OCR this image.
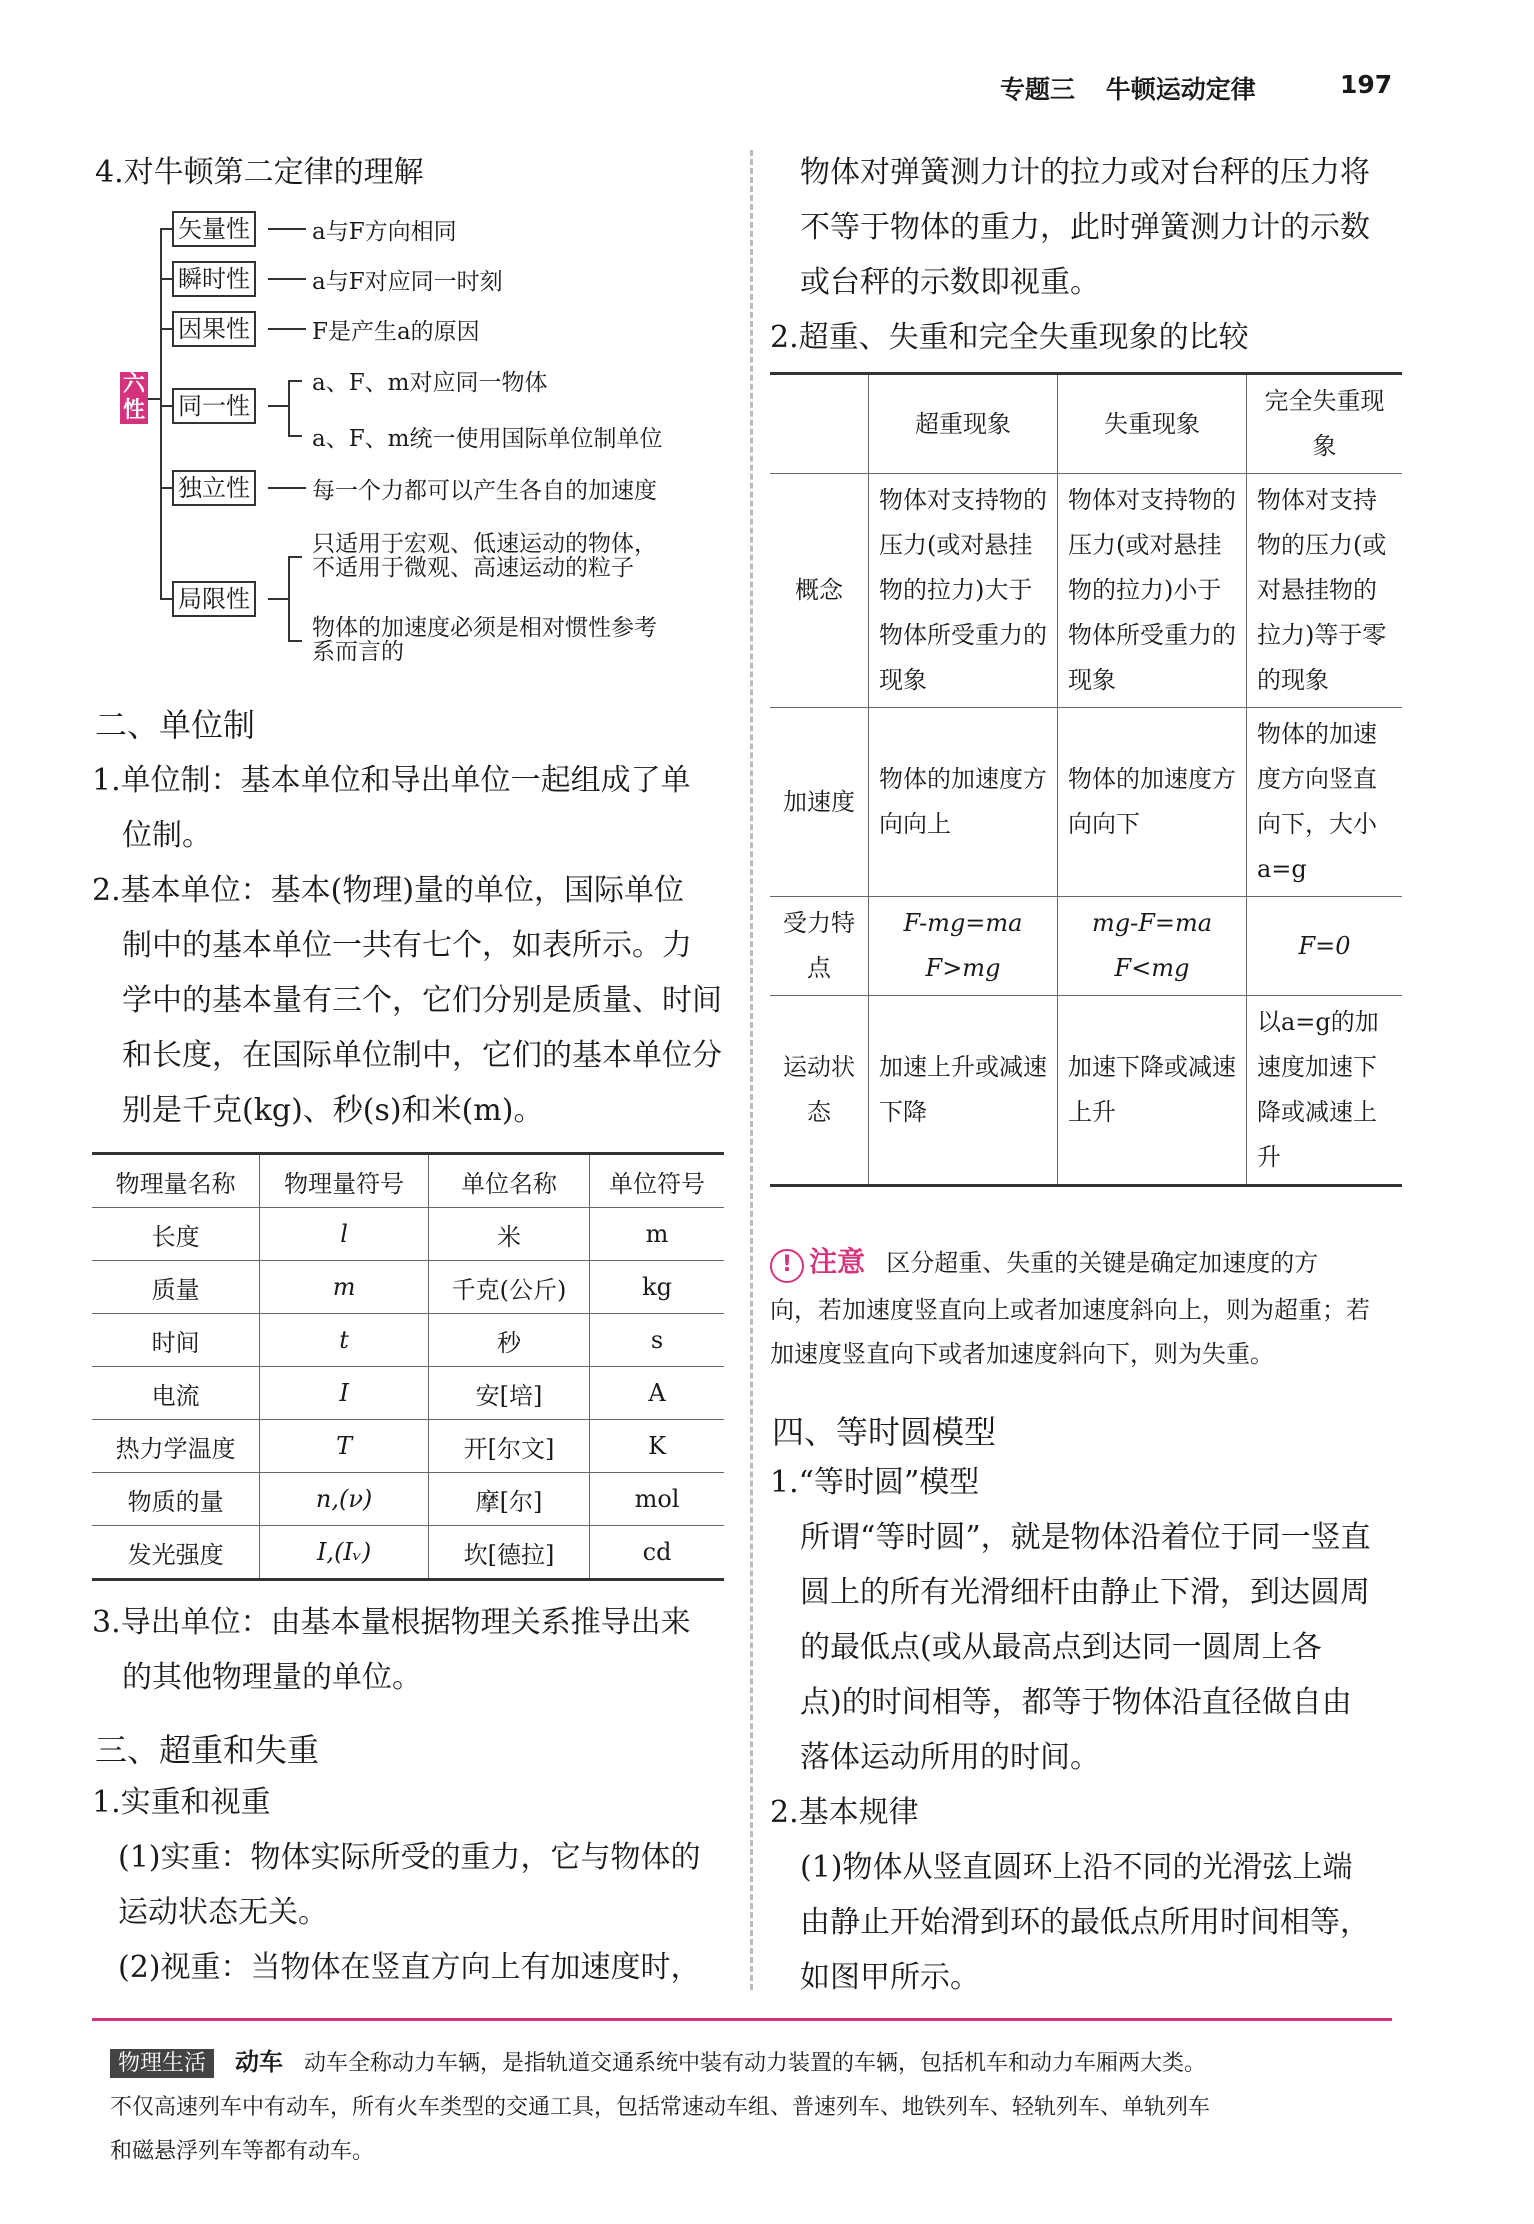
专题三 牛顿运动定律	197
4.对牛顿第二定律的理解
六性
矢量性	a与F方向相同
瞬时性	a与F对应同一时刻
因果性	F是产生a的原因
同一性
a、F、m对应同一物体
a、F、m统一使用国际单位制单位
独立性	每一个力都可以产生各自的加速度
局限性
只适用于宏观、低速运动的物体，
不适用于微观、高速运动的粒子
物体的加速度必须是相对惯性参考
系而言的
二、单位制
1.单位制：基本单位和导出单位一起组成了单
位制。
2.基本单位：基本(物理)量的单位，国际单位
制中的基本单位一共有七个，如表所示。力
学中的基本量有三个，它们分别是质量、时间
和长度，在国际单位制中，它们的基本单位分
别是千克(kg)、秒(s)和米(m)。
物理量名称	物理量符号	单位名称	单位符号
长度	l	米	m
质量	m	千克(公斤)	kg
时间	t	秒	s
电流	I	安[培]	A
热力学温度	T	开[尔文]	K
物质的量	n,(ν)	摩[尔]	mol
发光强度	I,(Iᵥ)	坎[德拉]	cd
3.导出单位：由基本量根据物理关系推导出来
的其他物理量的单位。
三、超重和失重
1.实重和视重
(1)实重：物体实际所受的重力，它与物体的
运动状态无关。
(2)视重：当物体在竖直方向上有加速度时，
物体对弹簧测力计的拉力或对台秤的压力将
不等于物体的重力，此时弹簧测力计的示数
或台秤的示数即视重。
2.超重、失重和完全失重现象的比较
	超重现象	失重现象	完全失重现象
概念	物体对支持物的压力(或对悬挂物的拉力)大于物体所受重力的现象	物体对支持物的压力(或对悬挂物的拉力)小于物体所受重力的现象	物体对支持物的压力(或对悬挂物的拉力)等于零的现象
加速度	物体的加速度方向向上	物体的加速度方向向下	物体的加速度方向竖直向下，大小a=g
受力特点	F-mg=ma F>mg	mg-F=ma F<mg	F=0
运动状态	加速上升或减速下降	加速下降或减速上升	以a=g的加速度加速下降或减速上升
! 注意 区分超重、失重的关键是确定加速度的方
向，若加速度竖直向上或者加速度斜向上，则为超重；若
加速度竖直向下或者加速度斜向下，则为失重。
四、等时圆模型
1.“等时圆”模型
所谓“等时圆”，就是物体沿着位于同一竖直
圆上的所有光滑细杆由静止下滑，到达圆周
的最低点(或从最高点到达同一圆周上各
点)的时间相等，都等于物体沿直径做自由
落体运动所用的时间。
2.基本规律
(1)物体从竖直圆环上沿不同的光滑弦上端
由静止开始滑到环的最低点所用时间相等，
如图甲所示。
物理生活 动车 动车全称动力车辆，是指轨道交通系统中装有动力装置的车辆，包括机车和动力车厢两大类。
不仅高速列车中有动车，所有火车类型的交通工具，包括常速动车组、普速列车、地铁列车、轻轨列车、单轨列车
和磁悬浮列车等都有动车。
